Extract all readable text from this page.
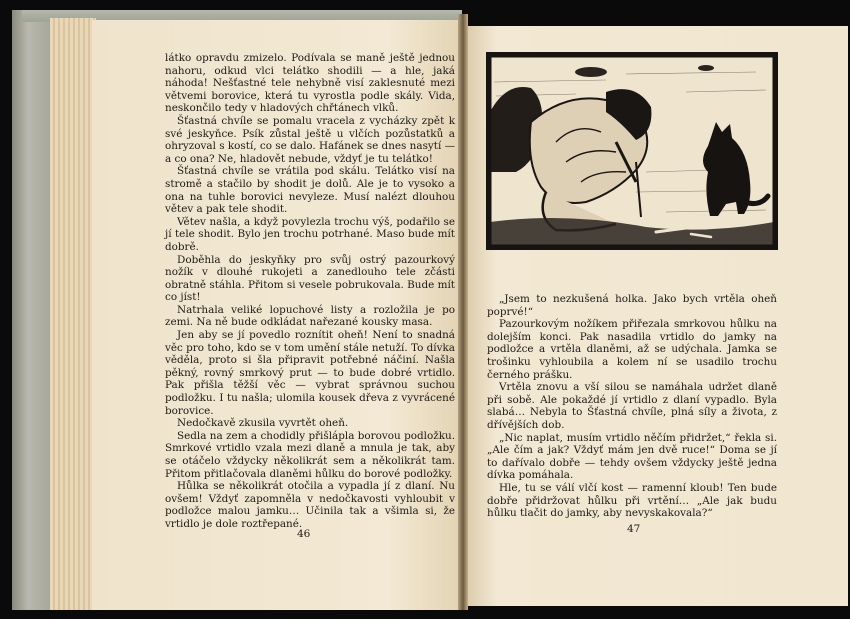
látko opravdu zmizelo. Podívala se maně ještě jednou nahoru, odkud vlci telátko shodili — a hle, jaká náhoda! Nešťastné tele nehybně visí zaklesnuté mezi větvemi borovice, která tu vyrostla podle skály. Vida, neskončilo tedy v hladových chřtánech vlků.

Šťastná chvíle se pomalu vracela z vycházky zpět k své jeskyňce. Psík zůstal ještě u vlčích pozůstatků a ohryzoval s kostí, co se dalo. Hafánek se dnes nasytí — a co ona? Ne, hladovět nebude, vždyť je tu telátko!

Šťastná chvíle se vrátila pod skálu. Telátko visí na stromě a stačilo by shodit je dolů. Ale je to vysoko a ona na tuhle borovici nevyleze. Musí nalézt dlouhou větev a pak tele shodit.

Větev našla, a když povylezla trochu výš, podařilo se jí tele shodit. Bylo jen trochu potrhané. Maso bude mít dobrě.

Doběhla do jeskyňky pro svůj ostrý pazourkový nožík v dlouhé rukojeti a zanedlouho tele zčásti obratně stáhla. Přitom si vesele pobrukovala. Bude mít co jíst!

Natrhala veliké lopuchové listy a rozložila je po zemi. Na ně bude odkládat nařezané kousky masa.

Jen aby se jí povedlo roznítit oheň! Není to snadná věc pro toho, kdo se v tom umění stále netuží. To dívka věděla, proto si šla připravit potřebné náčiní. Našla pěkný, rovný smrkový prut — to bude dobré vrtidlo. Pak přišla těžší věc — vybrat správnou suchou podložku. I tu našla; ulomila kousek dřeva z vyvrácené borovice.

Nedočkavě zkusila vyvrtět oheň.

Sedla na zem a chodidly přišlápla borovou podložku. Smrkové vrtidlo vzala mezi dlaně a mnula je tak, aby se otáčelo vždycky několikrát sem a několikrát tam. Přitom přitlačovala dlaněmi hůlku do borové podložky.

Hůlka se několikrát otočila a vypadla jí z dlaní. Nu ovšem! Vždyť zapomněla v nedočkavosti vyhloubit v podložce malou jamku… Učinila tak a všimla si, že vrtidlo je dole roztřepané.

46

„Jsem to nezkušená holka. Jako bych vrtěla oheň poprvé!“

Pazourkovým nožíkem přiřezala smrkovou hůlku na dolejším konci. Pak nasadila vrtidlo do jamky na podložce a vrtěla dlaněmi, až se udýchala. Jamka se trošinku vyhloubila a kolem ní se usadilo trochu černého prášku.

Vrtěla znovu a vší silou se namáhala udržet dlaně při sobě. Ale pokaždé jí vrtidlo z dlaní vypadlo. Byla slabá… Nebyla to Šťastná chvíle, plná síly a života, z dřívějších dob.

„Nic naplat, musím vrtidlo něčím přidržet,“ řekla si. „Ale čím a jak? Vždyť mám jen dvě ruce!“ Doma se jí to dařívalo dobře — tehdy ovšem vždycky ještě jedna dívka pomáhala.

Hle, tu se válí vlčí kost — ramenní kloub! Ten bude dobře přidržovat hůlku při vrtění… „Ale jak budu hůlku tlačit do jamky, aby nevyskakovala?“

47
